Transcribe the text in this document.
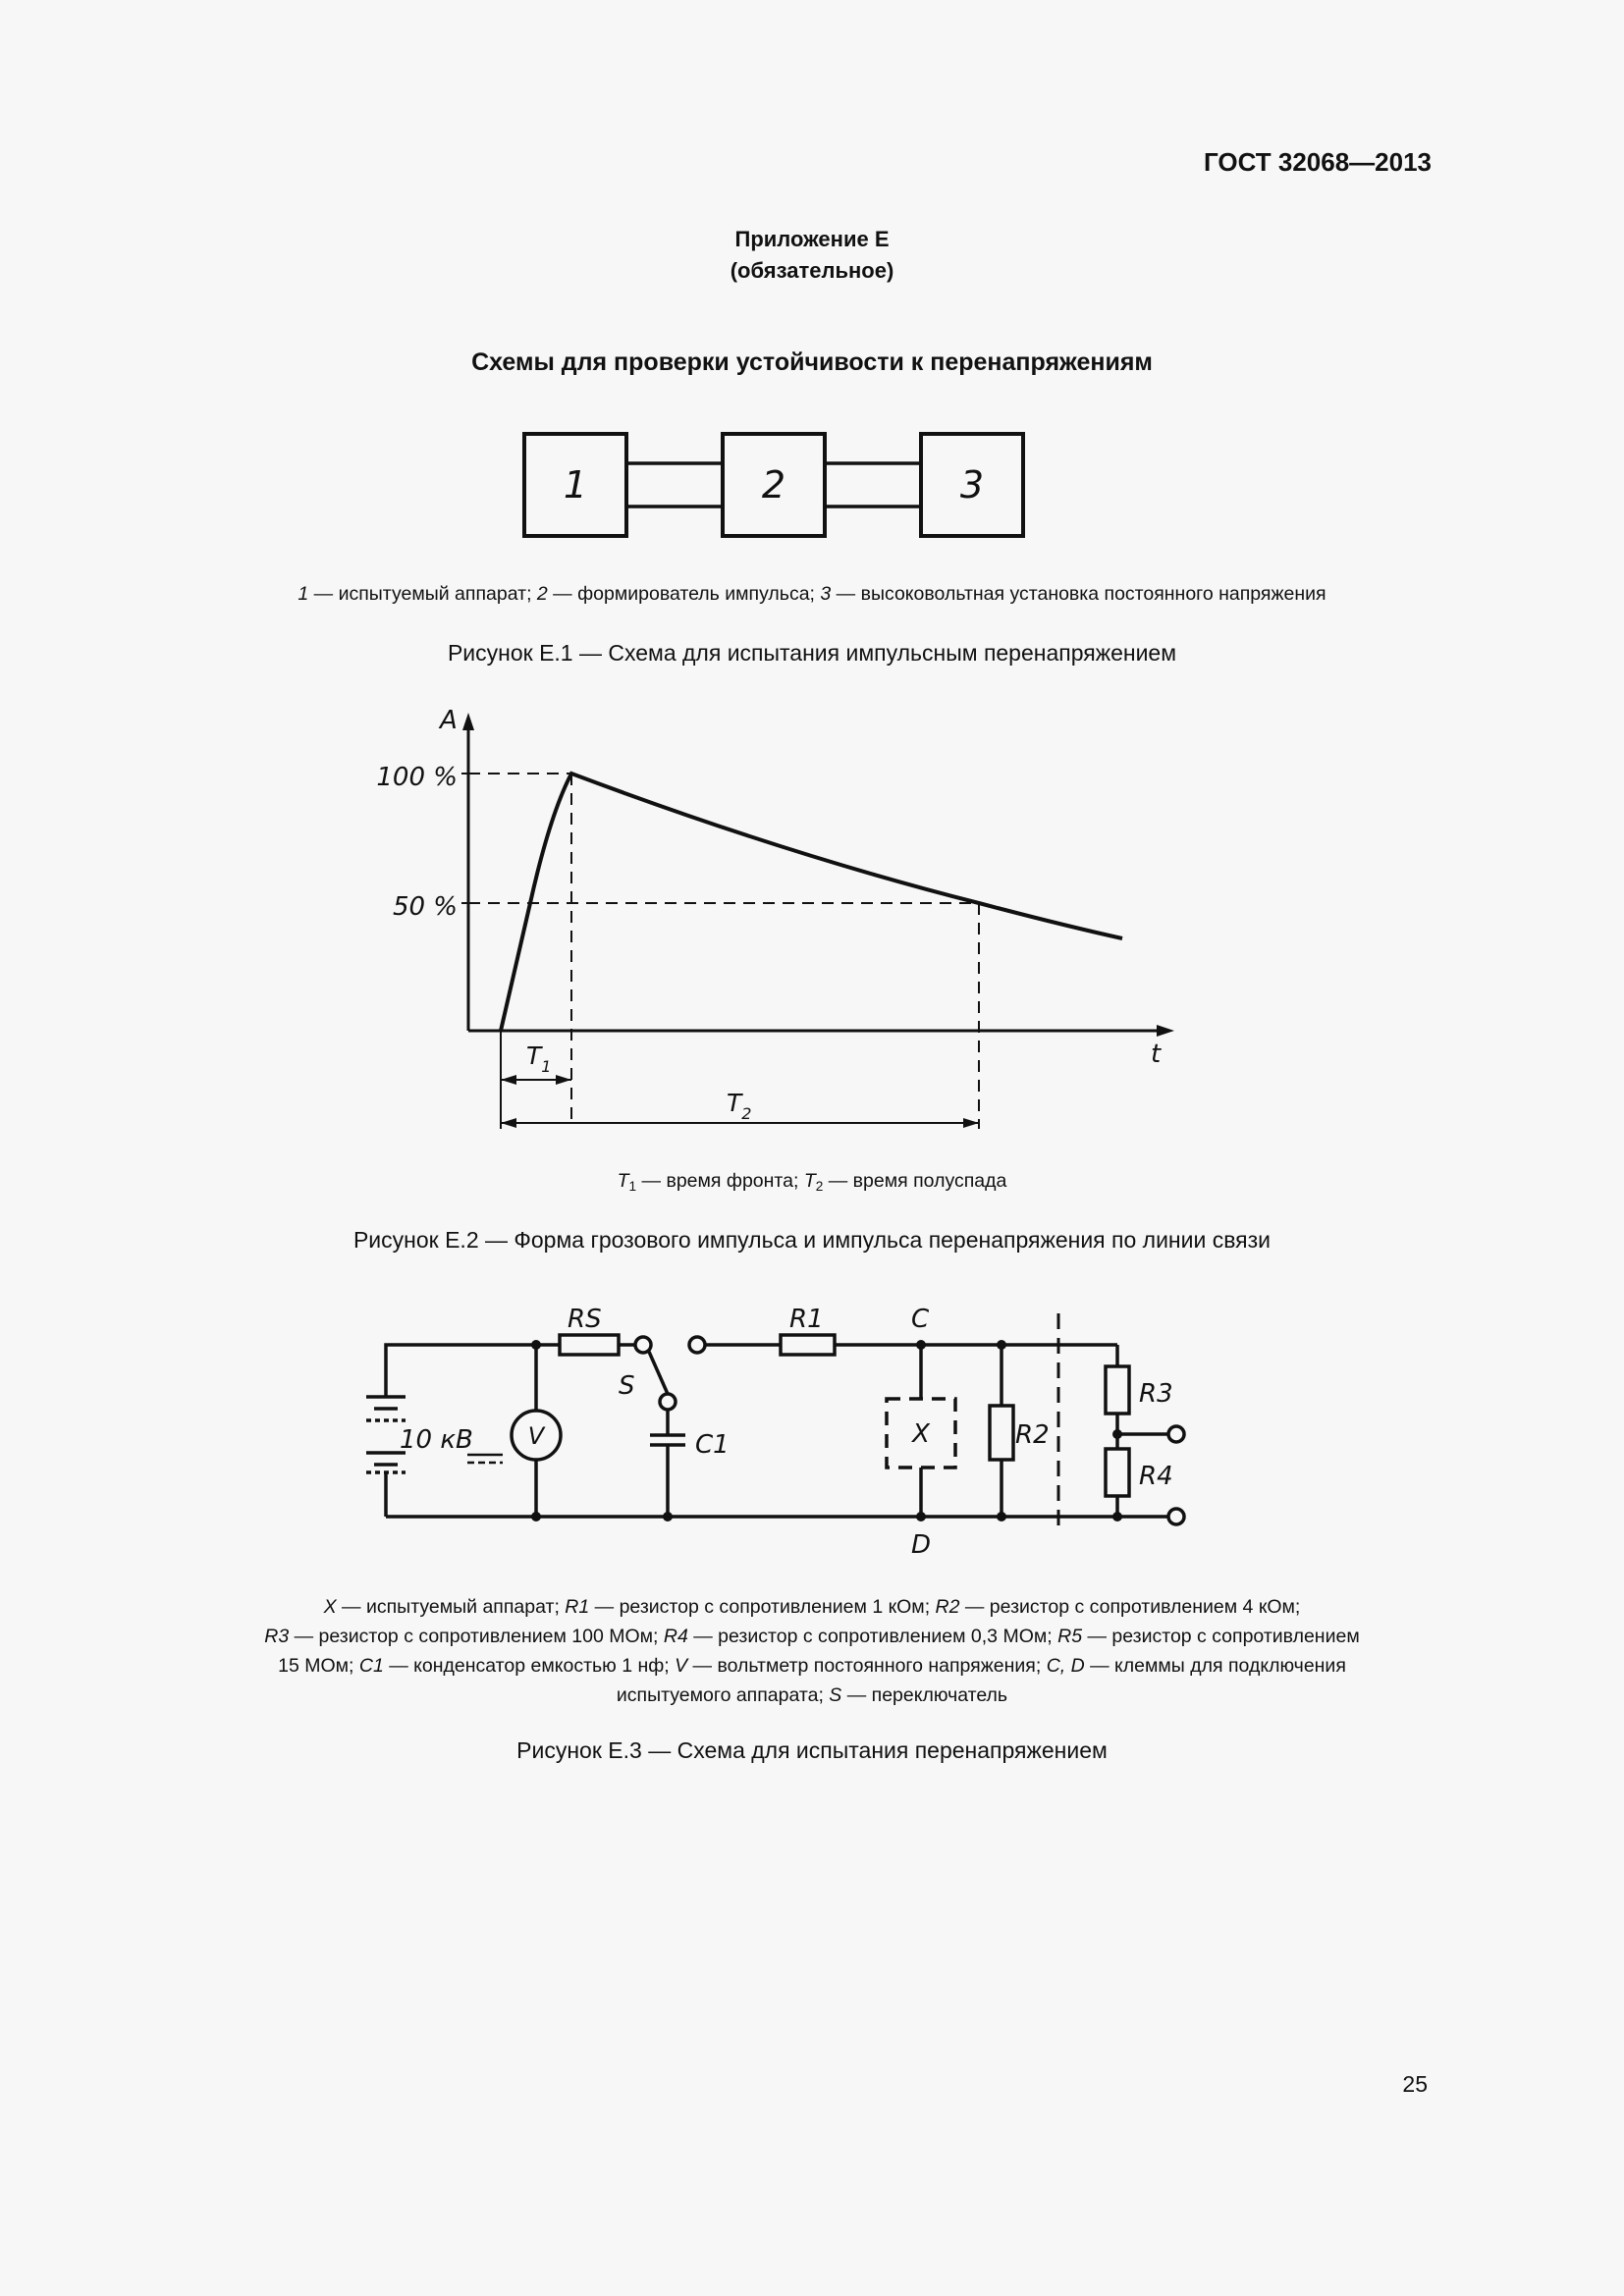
ГОСТ 32068—2013
Приложение Е
(обязательное)
Схемы для проверки устойчивости к перенапряжениям
1	2	3
1 — испытуемый аппарат; 2 — формирователь импульса; 3 — высоковольтная установка постоянного напряжения
Рисунок Е.1 — Схема для испытания импульсным перенапряжением
A
t
100 %
50 %
$T_1$
$T_2$
$T_1$ — время фронта; $T_2$ — время полуспада
Рисунок Е.2 — Форма грозового импульса и импульса перенапряжения по линии связи
RS	R1	C
S
C1
10 кВ V	X	R2
R3
R4
D
X — испытуемый аппарат; R1 — резистор с сопротивлением 1 кОм; R2 — резистор с сопротивлением 4 кОм;
R3 — резистор с сопротивлением 100 МОм; R4 — резистор с сопротивлением 0,3 МОм; R5 — резистор с сопротивлением
15 МОм; C1 — конденсатор емкостью 1 нф; V — вольтметр постоянного напряжения; C, D — клеммы для подключения
испытуемого аппарата; S — переключатель
Рисунок Е.3 — Схема для испытания перенапряжением
25
